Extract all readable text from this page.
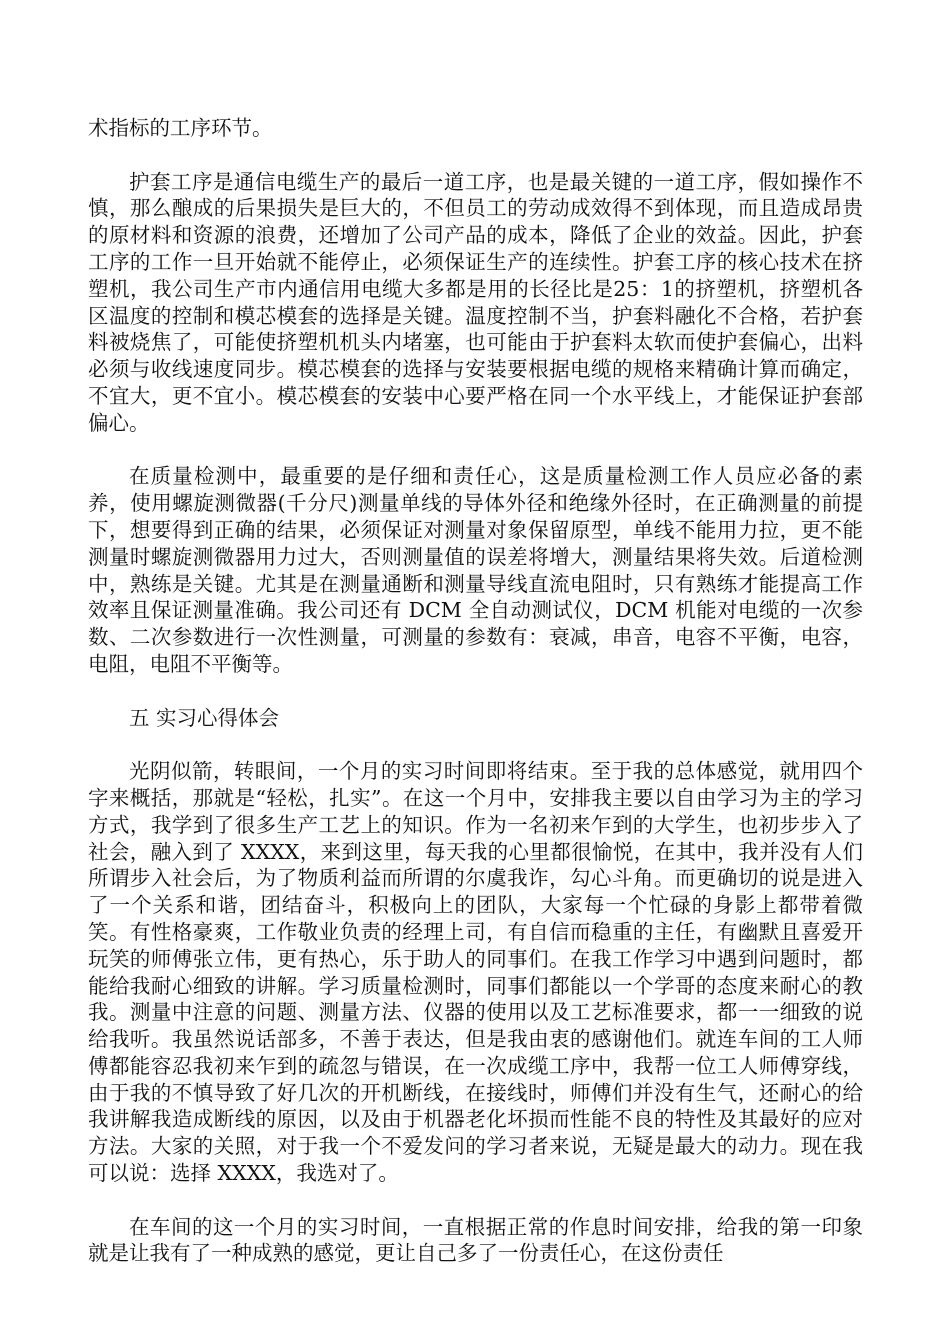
术指标的工序环节。

护套工序是通信电缆生产的最后一道工序，也是最关键的一道工序，假如操作不慎，那么酿成的后果损失是巨大的，不但员工的劳动成效得不到体现，而且造成昂贵的原材料和资源的浪费，还增加了公司产品的成本，降低了企业的效益。因此，护套工序的工作一旦开始就不能停止，必须保证生产的连续性。护套工序的核心技术在挤塑机，我公司生产市内通信用电缆大多都是用的长径比是25：1的挤塑机，挤塑机各区温度的控制和模芯模套的选择是关键。温度控制不当，护套料融化不合格，若护套料被烧焦了，可能使挤塑机机头内堵塞，也可能由于护套料太软而使护套偏心，出料必须与收线速度同步。模芯模套的选择与安装要根据电缆的规格来精确计算而确定，不宜大，更不宜小。模芯模套的安装中心要严格在同一个水平线上，才能保证护套部偏心。

在质量检测中，最重要的是仔细和责任心，这是质量检测工作人员应必备的素养，使用螺旋测微器(千分尺)测量单线的导体外径和绝缘外径时，在正确测量的前提下，想要得到正确的结果，必须保证对测量对象保留原型，单线不能用力拉，更不能测量时螺旋测微器用力过大，否则测量值的误差将增大，测量结果将失效。后道检测中，熟练是关键。尤其是在测量通断和测量导线直流电阻时，只有熟练才能提高工作效率且保证测量准确。我公司还有 DCM 全自动测试仪，DCM 机能对电缆的一次参数、二次参数进行一次性测量，可测量的参数有：衰减，串音，电容不平衡，电容，电阻，电阻不平衡等。

五 实习心得体会

光阴似箭，转眼间，一个月的实习时间即将结束。至于我的总体感觉，就用四个字来概括，那就是“轻松，扎实”。在这一个月中，安排我主要以自由学习为主的学习方式，我学到了很多生产工艺上的知识。作为一名初来乍到的大学生，也初步步入了社会，融入到了 XXXX，来到这里，每天我的心里都很愉悦，在其中，我并没有人们所谓步入社会后，为了物质利益而所谓的尔虞我诈，勾心斗角。而更确切的说是进入了一个关系和谐，团结奋斗，积极向上的团队，大家每一个忙碌的身影上都带着微笑。有性格豪爽，工作敬业负责的经理上司，有自信而稳重的主任，有幽默且喜爱开玩笑的师傅张立伟，更有热心，乐于助人的同事们。在我工作学习中遇到问题时，都能给我耐心细致的讲解。学习质量检测时，同事们都能以一个学哥的态度来耐心的教我。测量中注意的问题、测量方法、仪器的使用以及工艺标准要求，都一一细致的说给我听。我虽然说话部多，不善于表达，但是我由衷的感谢他们。就连车间的工人师傅都能容忍我初来乍到的疏忽与错误，在一次成缆工序中，我帮一位工人师傅穿线，由于我的不慎导致了好几次的开机断线，在接线时，师傅们并没有生气，还耐心的给我讲解我造成断线的原因，以及由于机器老化坏损而性能不良的特性及其最好的应对方法。大家的关照，对于我一个不爱发问的学习者来说，无疑是最大的动力。现在我可以说：选择 XXXX，我选对了。

在车间的这一个月的实习时间，一直根据正常的作息时间安排，给我的第一印象就是让我有了一种成熟的感觉，更让自己多了一份责任心，在这份责任
